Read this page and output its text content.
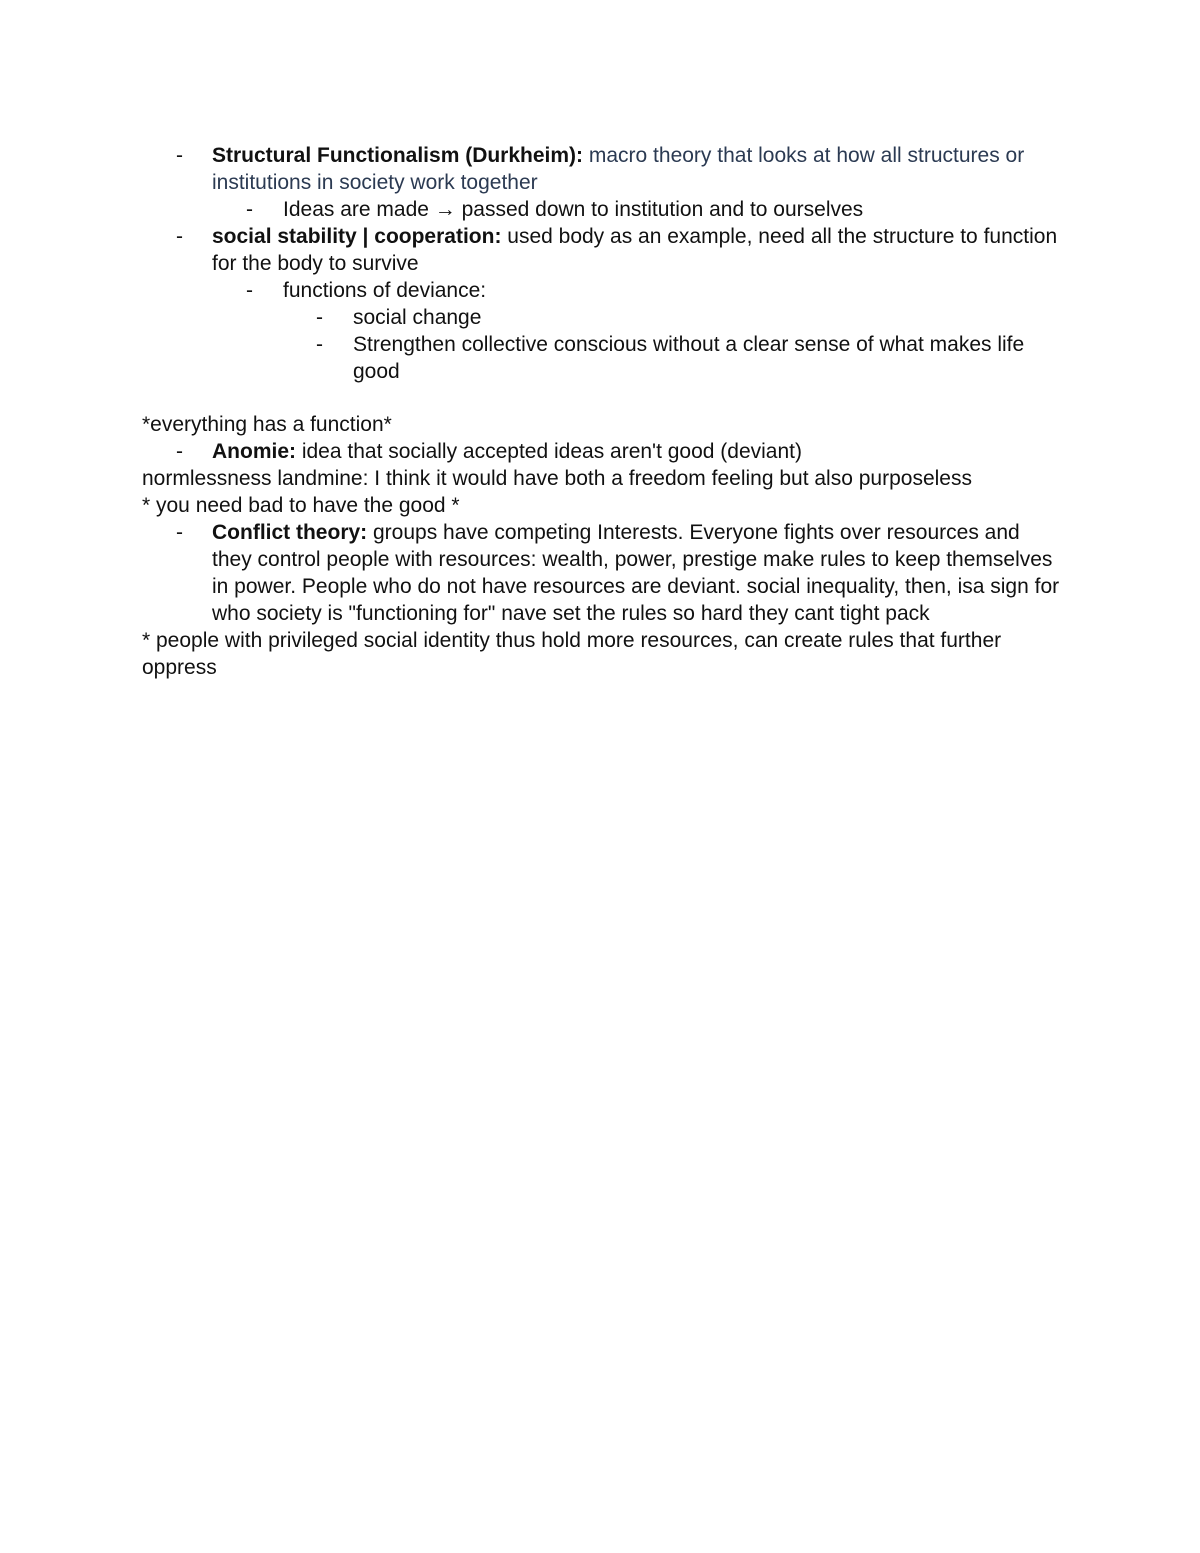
- Structural Functionalism (Durkheim): macro theory that looks at how all structures or institutions in society work together
- Ideas are made → passed down to institution and to ourselves
- social stability | cooperation: used body as an example, need all the structure to function for the body to survive
- functions of deviance:
- social change
- Strengthen collective conscious without a clear sense of what makes life good

*everything has a function*

- Anomie: idea that socially accepted ideas aren't good (deviant)

normlessness landmine: I think it would have both a freedom feeling but also purposeless

* you need bad to have the good *

- Conflict theory: groups have competing Interests. Everyone fights over resources and they control people with resources: wealth, power, prestige make rules to keep themselves in power. People who do not have resources are deviant. social inequality, then, isa sign for who society is "functioning for" nave set the rules so hard they cant tight pack

* people with privileged social identity thus hold more resources, can create rules that further oppress
